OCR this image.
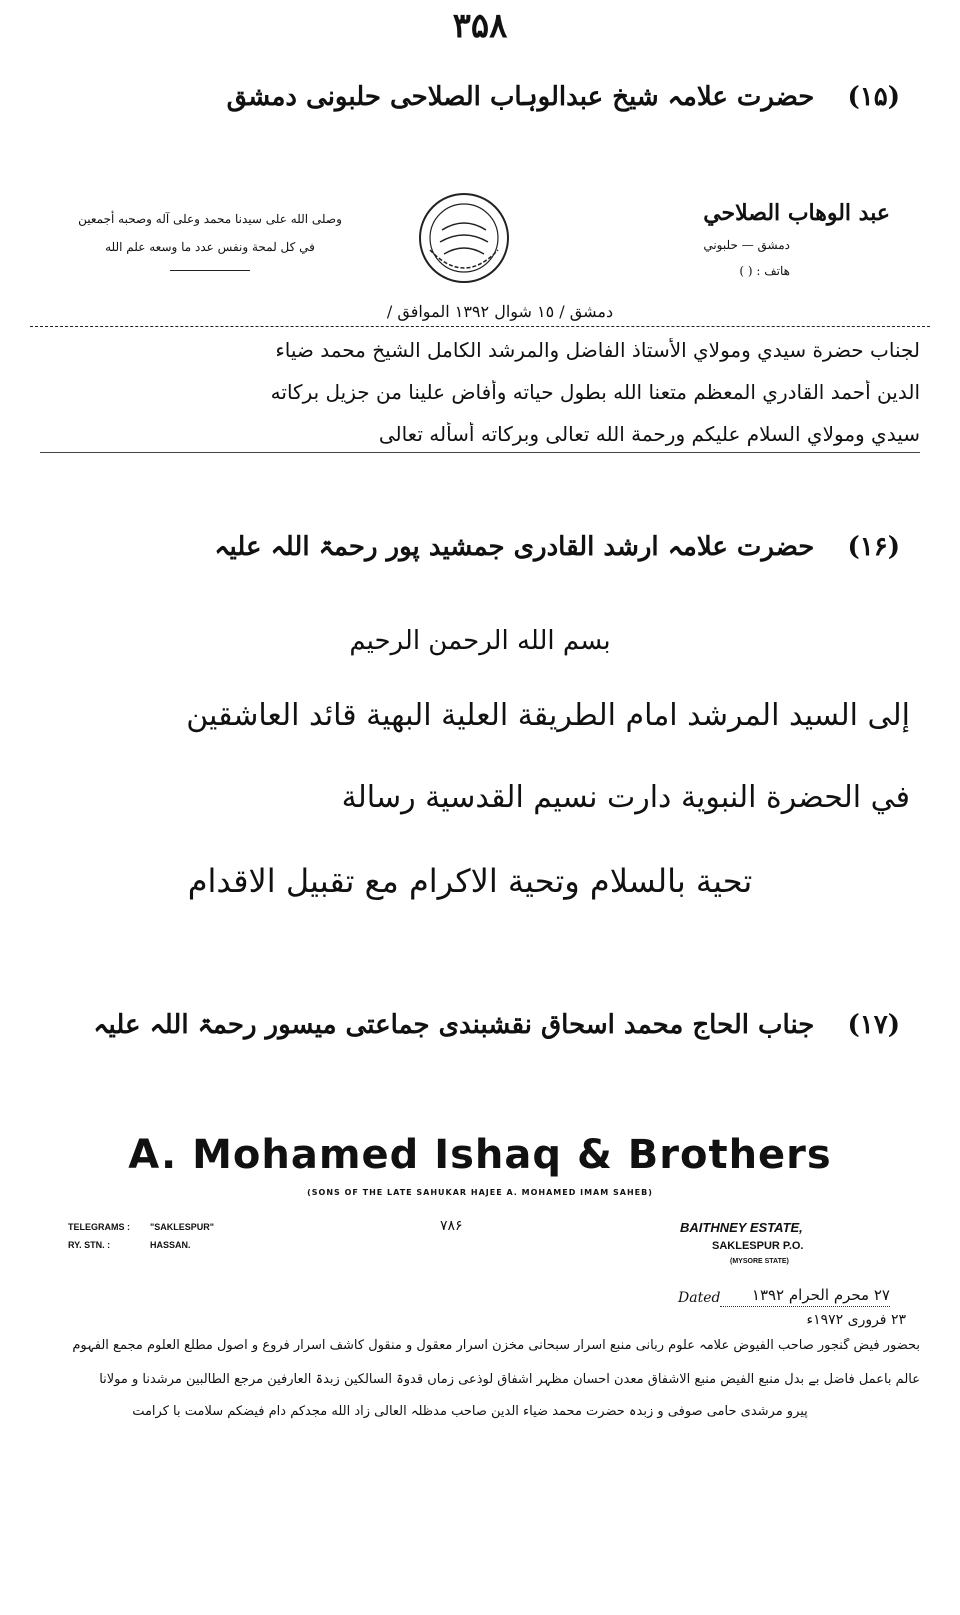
۳۵۸
(۱۵) حضرت علامہ شیخ عبدالوہاب الصلاحی حلبونی دمشق
عبد الوهاب الصلاحي
دمشق — حلبوني
هاتف : ( )
وصلى الله على سيدنا محمد وعلى آله وصحبه أجمعين
في كل لمحة ونفس عدد ما وسعه علم الله
دمشق / ١٥ شوال ١٣٩٢ الموافق /
لجناب حضرة سيدي ومولاي الأستاذ الفاضل والمرشد الكامل الشيخ محمد ضياء
الدين أحمد القادري المعظم متعنا الله بطول حياته وأفاض علينا من جزيل بركاته
سيدي ومولاي السلام عليكم ورحمة الله تعالى وبركاته أسأله تعالى
(۱۶) حضرت علامہ ارشد القادری جمشید پور رحمۃ اللہ علیہ
بسم الله الرحمن الرحيم
إلى السيد المرشد امام الطريقة العلية البهية قائد العاشقين
في الحضرة النبوية دارت نسيم القدسية رسالة
تحية بالسلام وتحية الاكرام مع تقبيل الاقدام
(۱۷) جناب الحاج محمد اسحاق نقشبندی جماعتی میسور رحمۃ اللہ علیہ
A. Mohamed Ishaq & Brothers
(SONS OF THE LATE SAHUKAR HAJEE A. MOHAMED IMAM SAHEB)
TELEGRAMS : "SAKLESPUR"
RY. STN. :	HASSAN.
۷۸۶	BAITHNEY ESTATE,
SAKLESPUR P.O.
(MYSORE STATE)
Dated	۲۷ محرم الحرام ۱۳۹۲
۲۳ فروری ۱۹۷۲ء
بحضور فیض گنجور صاحب الفیوض علامہ علوم ربانی منبع اسرار سبحانی مخزن اسرار معقول و منقول کاشف اسرار فروع و اصول مطلع العلوم مجمع الفہوم
عالم باعمل فاضل بے بدل منبع الفیض منبع الاشفاق معدن احسان مظہر اشفاق لوذعی زماں قدوۃ السالکین زبدۃ العارفین مرجع الطالبین مرشدنا و مولانا
پیرو مرشدی حامی صوفی و زبدہ حضرت محمد ضیاء الدین صاحب مدظلہ العالی زاد الله مجدکم دام فیضکم سلامت با کرامت
